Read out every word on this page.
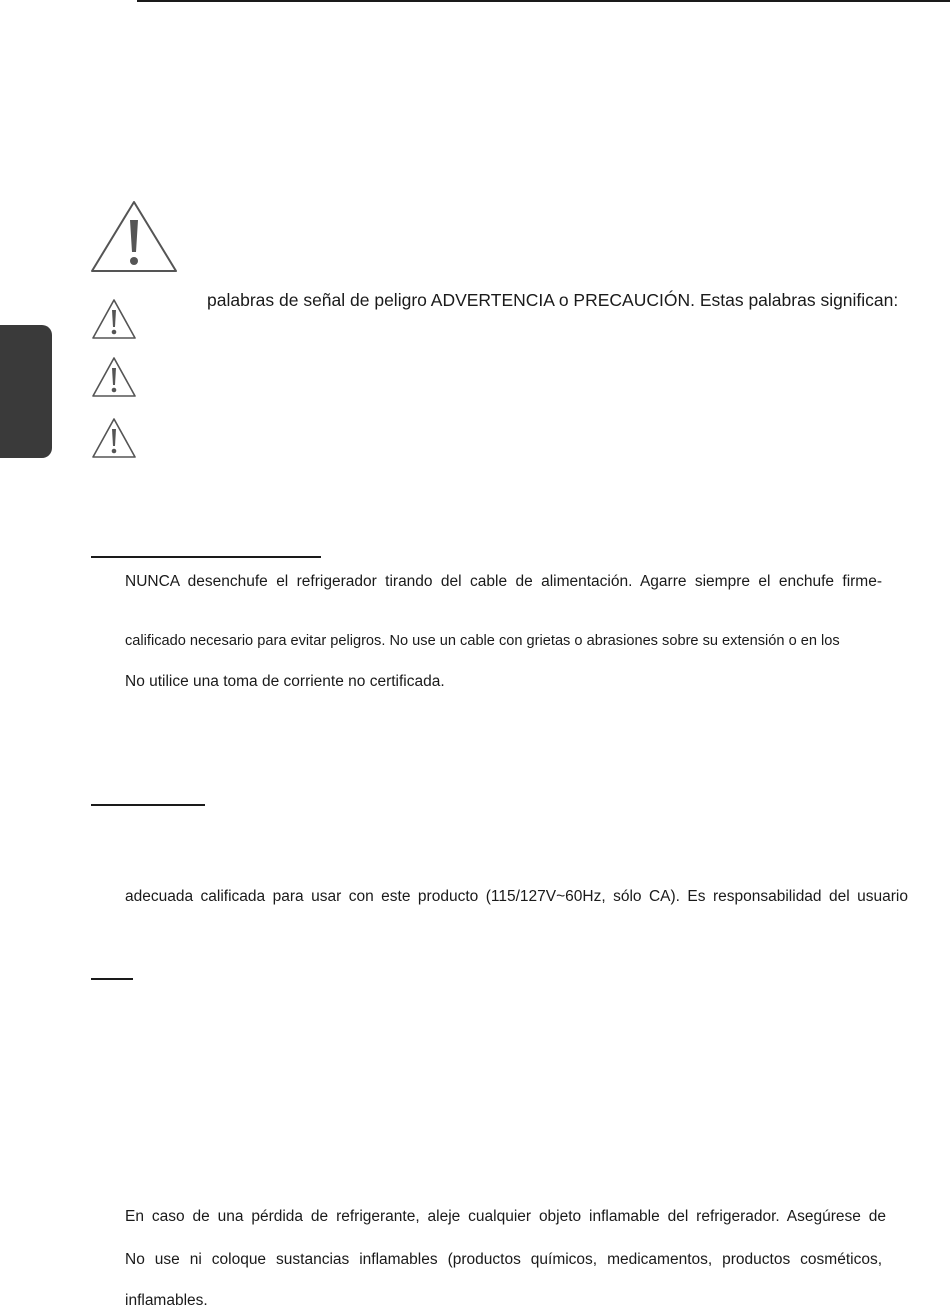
palabras de señal de peligro ADVERTENCIA o PRECAUCIÓN. Estas palabras significan:
NUNCA desenchufe el refrigerador tirando del cable de alimentación. Agarre siempre el enchufe firme-
calificado necesario para evitar peligros. No use un cable con grietas o abrasiones sobre su extensión o en los
No utilice una toma de corriente no certificada.
adecuada calificada para usar con este producto (115/127V~60Hz, sólo CA). Es responsabilidad del usuario
En caso de una pérdida de refrigerante, aleje cualquier objeto inflamable del refrigerador. Asegúrese de
No use ni coloque sustancias inflamables (productos químicos, medicamentos, productos cosméticos,
inflamables.
